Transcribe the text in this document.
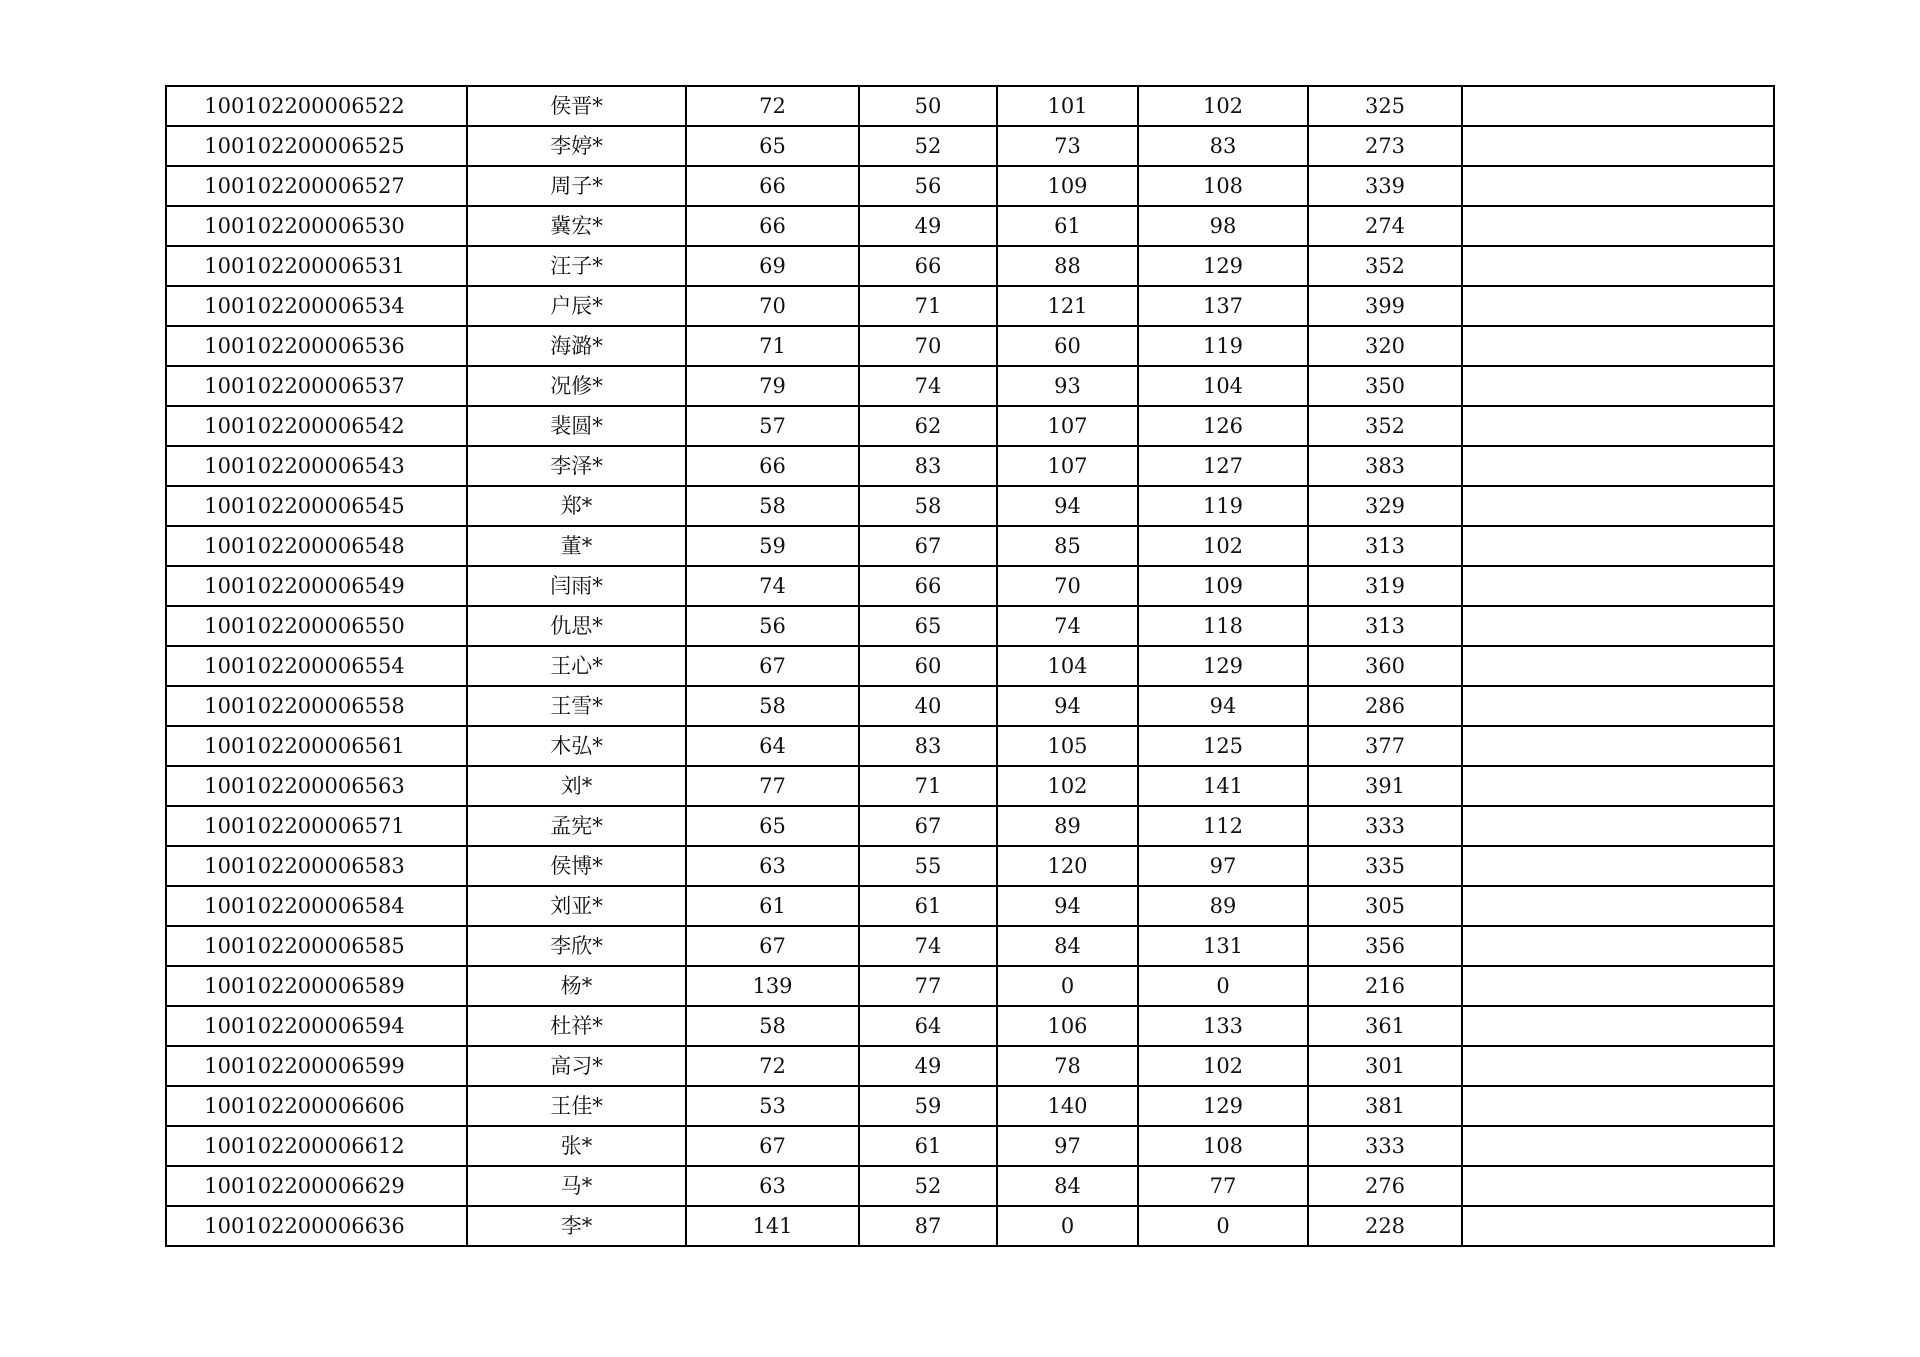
100102200006522	侯晋*	72	50	101	102	325	
100102200006525	李婷*	65	52	73	83	273	
100102200006527	周子*	66	56	109	108	339	
100102200006530	冀宏*	66	49	61	98	274	
100102200006531	汪子*	69	66	88	129	352	
100102200006534	户辰*	70	71	121	137	399	
100102200006536	海潞*	71	70	60	119	320	
100102200006537	况修*	79	74	93	104	350	
100102200006542	裴圆*	57	62	107	126	352	
100102200006543	李泽*	66	83	107	127	383	
100102200006545	郑*	58	58	94	119	329	
100102200006548	董*	59	67	85	102	313	
100102200006549	闫雨*	74	66	70	109	319	
100102200006550	仇思*	56	65	74	118	313	
100102200006554	王心*	67	60	104	129	360	
100102200006558	王雪*	58	40	94	94	286	
100102200006561	木弘*	64	83	105	125	377	
100102200006563	刘*	77	71	102	141	391	
100102200006571	孟宪*	65	67	89	112	333	
100102200006583	侯博*	63	55	120	97	335	
100102200006584	刘亚*	61	61	94	89	305	
100102200006585	李欣*	67	74	84	131	356	
100102200006589	杨*	139	77	0	0	216	
100102200006594	杜祥*	58	64	106	133	361	
100102200006599	高习*	72	49	78	102	301	
100102200006606	王佳*	53	59	140	129	381	
100102200006612	张*	67	61	97	108	333	
100102200006629	马*	63	52	84	77	276	
100102200006636	李*	141	87	0	0	228	
